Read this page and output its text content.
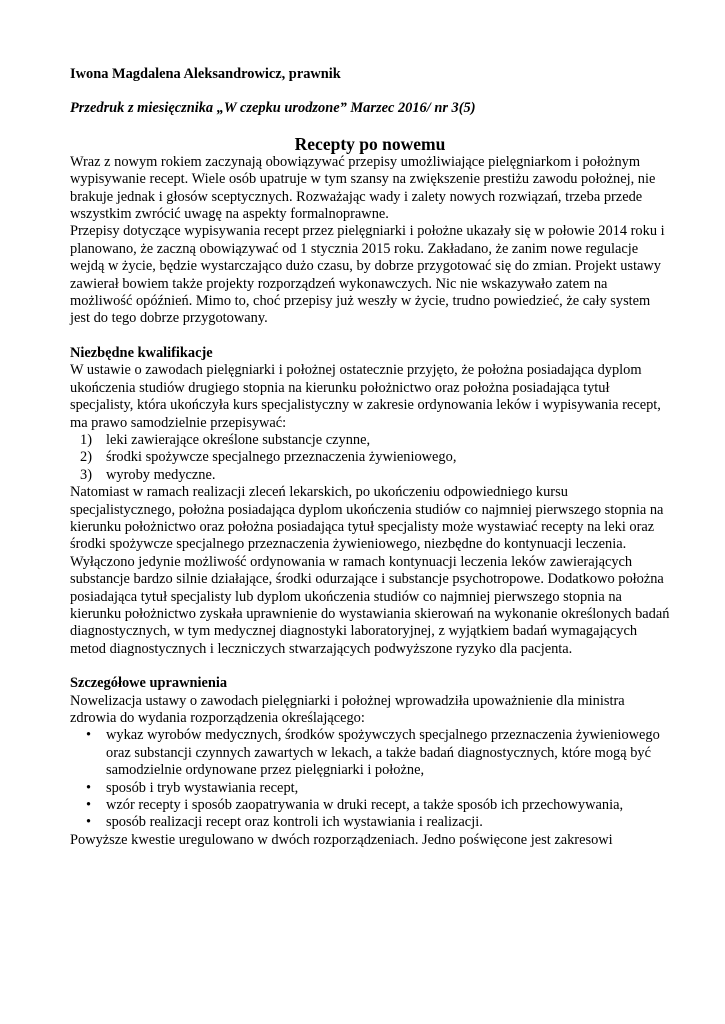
Iwona Magdalena Aleksandrowicz, prawnik

Przedruk z miesięcznika „W czepku urodzone” Marzec 2016/ nr 3(5)

Recepty po nowemu

Wraz z nowym rokiem zaczynają obowiązywać przepisy umożliwiające pielęgniarkom i położnym wypisywanie recept. Wiele osób upatruje w tym szansy na zwiększenie prestiżu zawodu położnej, nie brakuje jednak i głosów sceptycznych. Rozważając wady i zalety nowych rozwiązań, trzeba przede wszystkim zwrócić uwagę na aspekty formalnoprawne.

Przepisy dotyczące wypisywania recept przez pielęgniarki i położne ukazały się w połowie 2014 roku i planowano, że zaczną obowiązywać od 1 stycznia 2015 roku. Zakładano, że zanim nowe regulacje wejdą w życie, będzie wystarczająco dużo czasu, by dobrze przygotować się do zmian. Projekt ustawy zawierał bowiem także projekty rozporządzeń wykonawczych. Nic nie wskazywało zatem na możliwość opóźnień. Mimo to, choć przepisy już weszły w życie, trudno powiedzieć, że cały system jest do tego dobrze przygotowany.

Niezbędne kwalifikacje

W ustawie o zawodach pielęgniarki i położnej ostatecznie przyjęto, że położna posiadająca dyplom ukończenia studiów drugiego stopnia na kierunku położnictwo oraz położna posiadająca tytuł specjalisty, która ukończyła kurs specjalistyczny w zakresie ordynowania leków i wypisywania recept, ma prawo samodzielnie przepisywać:

1) leki zawierające określone substancje czynne,
2) środki spożywcze specjalnego przeznaczenia żywieniowego,
3) wyroby medyczne.

Natomiast w ramach realizacji zleceń lekarskich, po ukończeniu odpowiedniego kursu specjalistycznego, położna posiadająca dyplom ukończenia studiów co najmniej pierwszego stopnia na kierunku położnictwo oraz położna posiadająca tytuł specjalisty może wystawiać recepty na leki oraz środki spożywcze specjalnego przeznaczenia żywieniowego, niezbędne do kontynuacji leczenia. Wyłączono jedynie możliwość ordynowania w ramach kontynuacji leczenia leków zawierających substancje bardzo silnie działające, środki odurzające i substancje psychotropowe. Dodatkowo położna posiadająca tytuł specjalisty lub dyplom ukończenia studiów co najmniej pierwszego stopnia na kierunku położnictwo zyskała uprawnienie do wystawiania skierowań na wykonanie określonych badań diagnostycznych, w tym medycznej diagnostyki laboratoryjnej, z wyjątkiem badań wymagających metod diagnostycznych i leczniczych stwarzających podwyższone ryzyko dla pacjenta.

Szczegółowe uprawnienia

Nowelizacja ustawy o zawodach pielęgniarki i położnej wprowadziła upoważnienie dla ministra zdrowia do wydania rozporządzenia określającego:

• wykaz wyrobów medycznych, środków spożywczych specjalnego przeznaczenia żywieniowego oraz substancji czynnych zawartych w lekach, a także badań diagnostycznych, które mogą być samodzielnie ordynowane przez pielęgniarki i położne,
• sposób i tryb wystawiania recept,
• wzór recepty i sposób zaopatrywania w druki recept, a także sposób ich przechowywania,
• sposób realizacji recept oraz kontroli ich wystawiania i realizacji.

Powyższe kwestie uregulowano w dwóch rozporządzeniach. Jedno poświęcone jest zakresowi
